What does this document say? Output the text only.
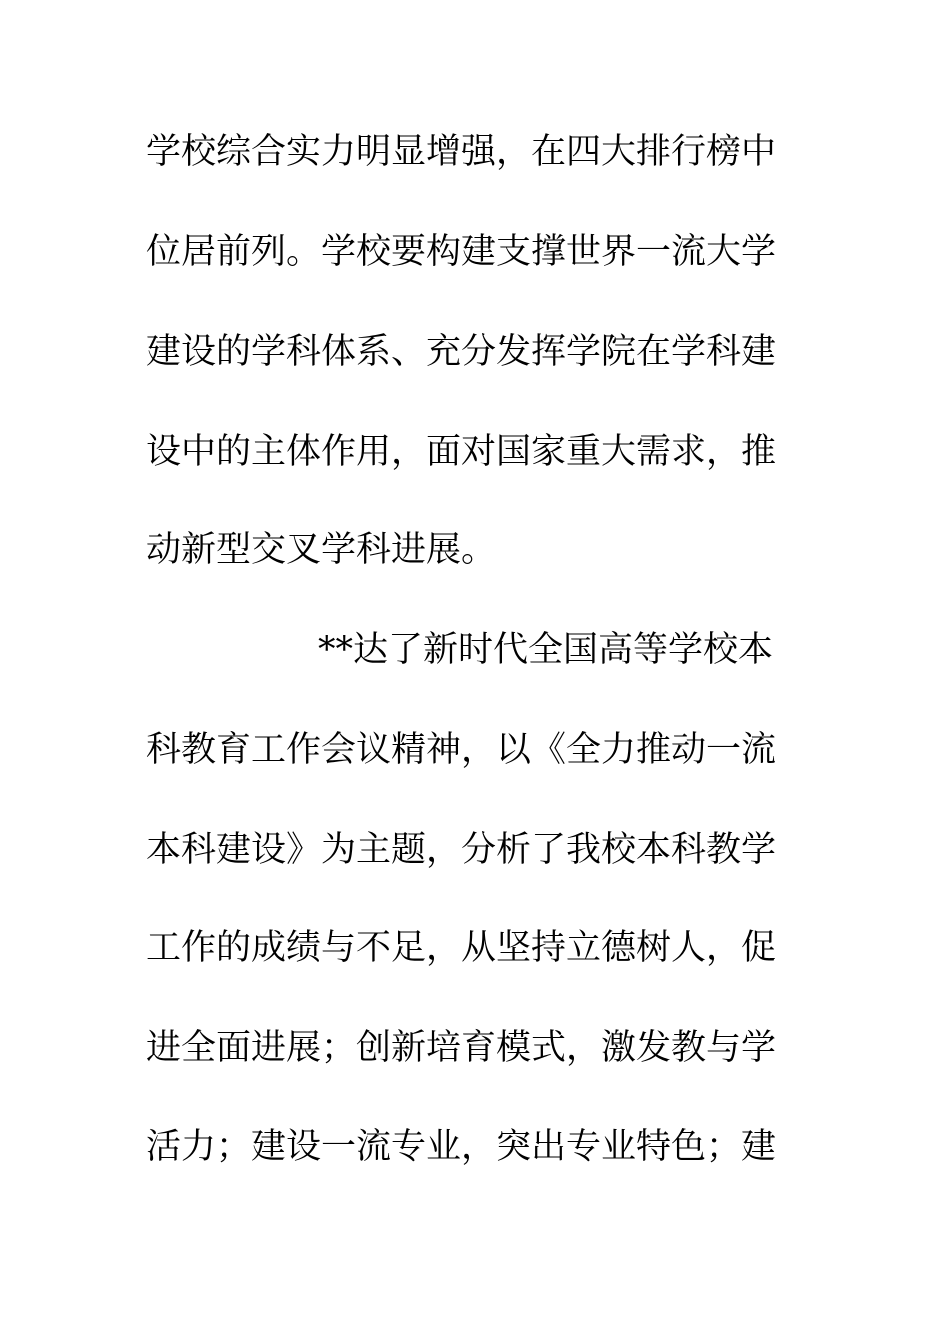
学校综合实力明显增强，在四大排行榜中
位居前列。学校要构建支撑世界一流大学
建设的学科体系、充分发挥学院在学科建
设中的主体作用，面对国家重大需求，推
动新型交叉学科进展。
**达了新时代全国高等学校本
科教育工作会议精神，以《全力推动一流
本科建设》为主题，分析了我校本科教学
工作的成绩与不足，从坚持立德树人，促
进全面进展；创新培育模式，激发教与学
活力；建设一流专业，突出专业特色；建
